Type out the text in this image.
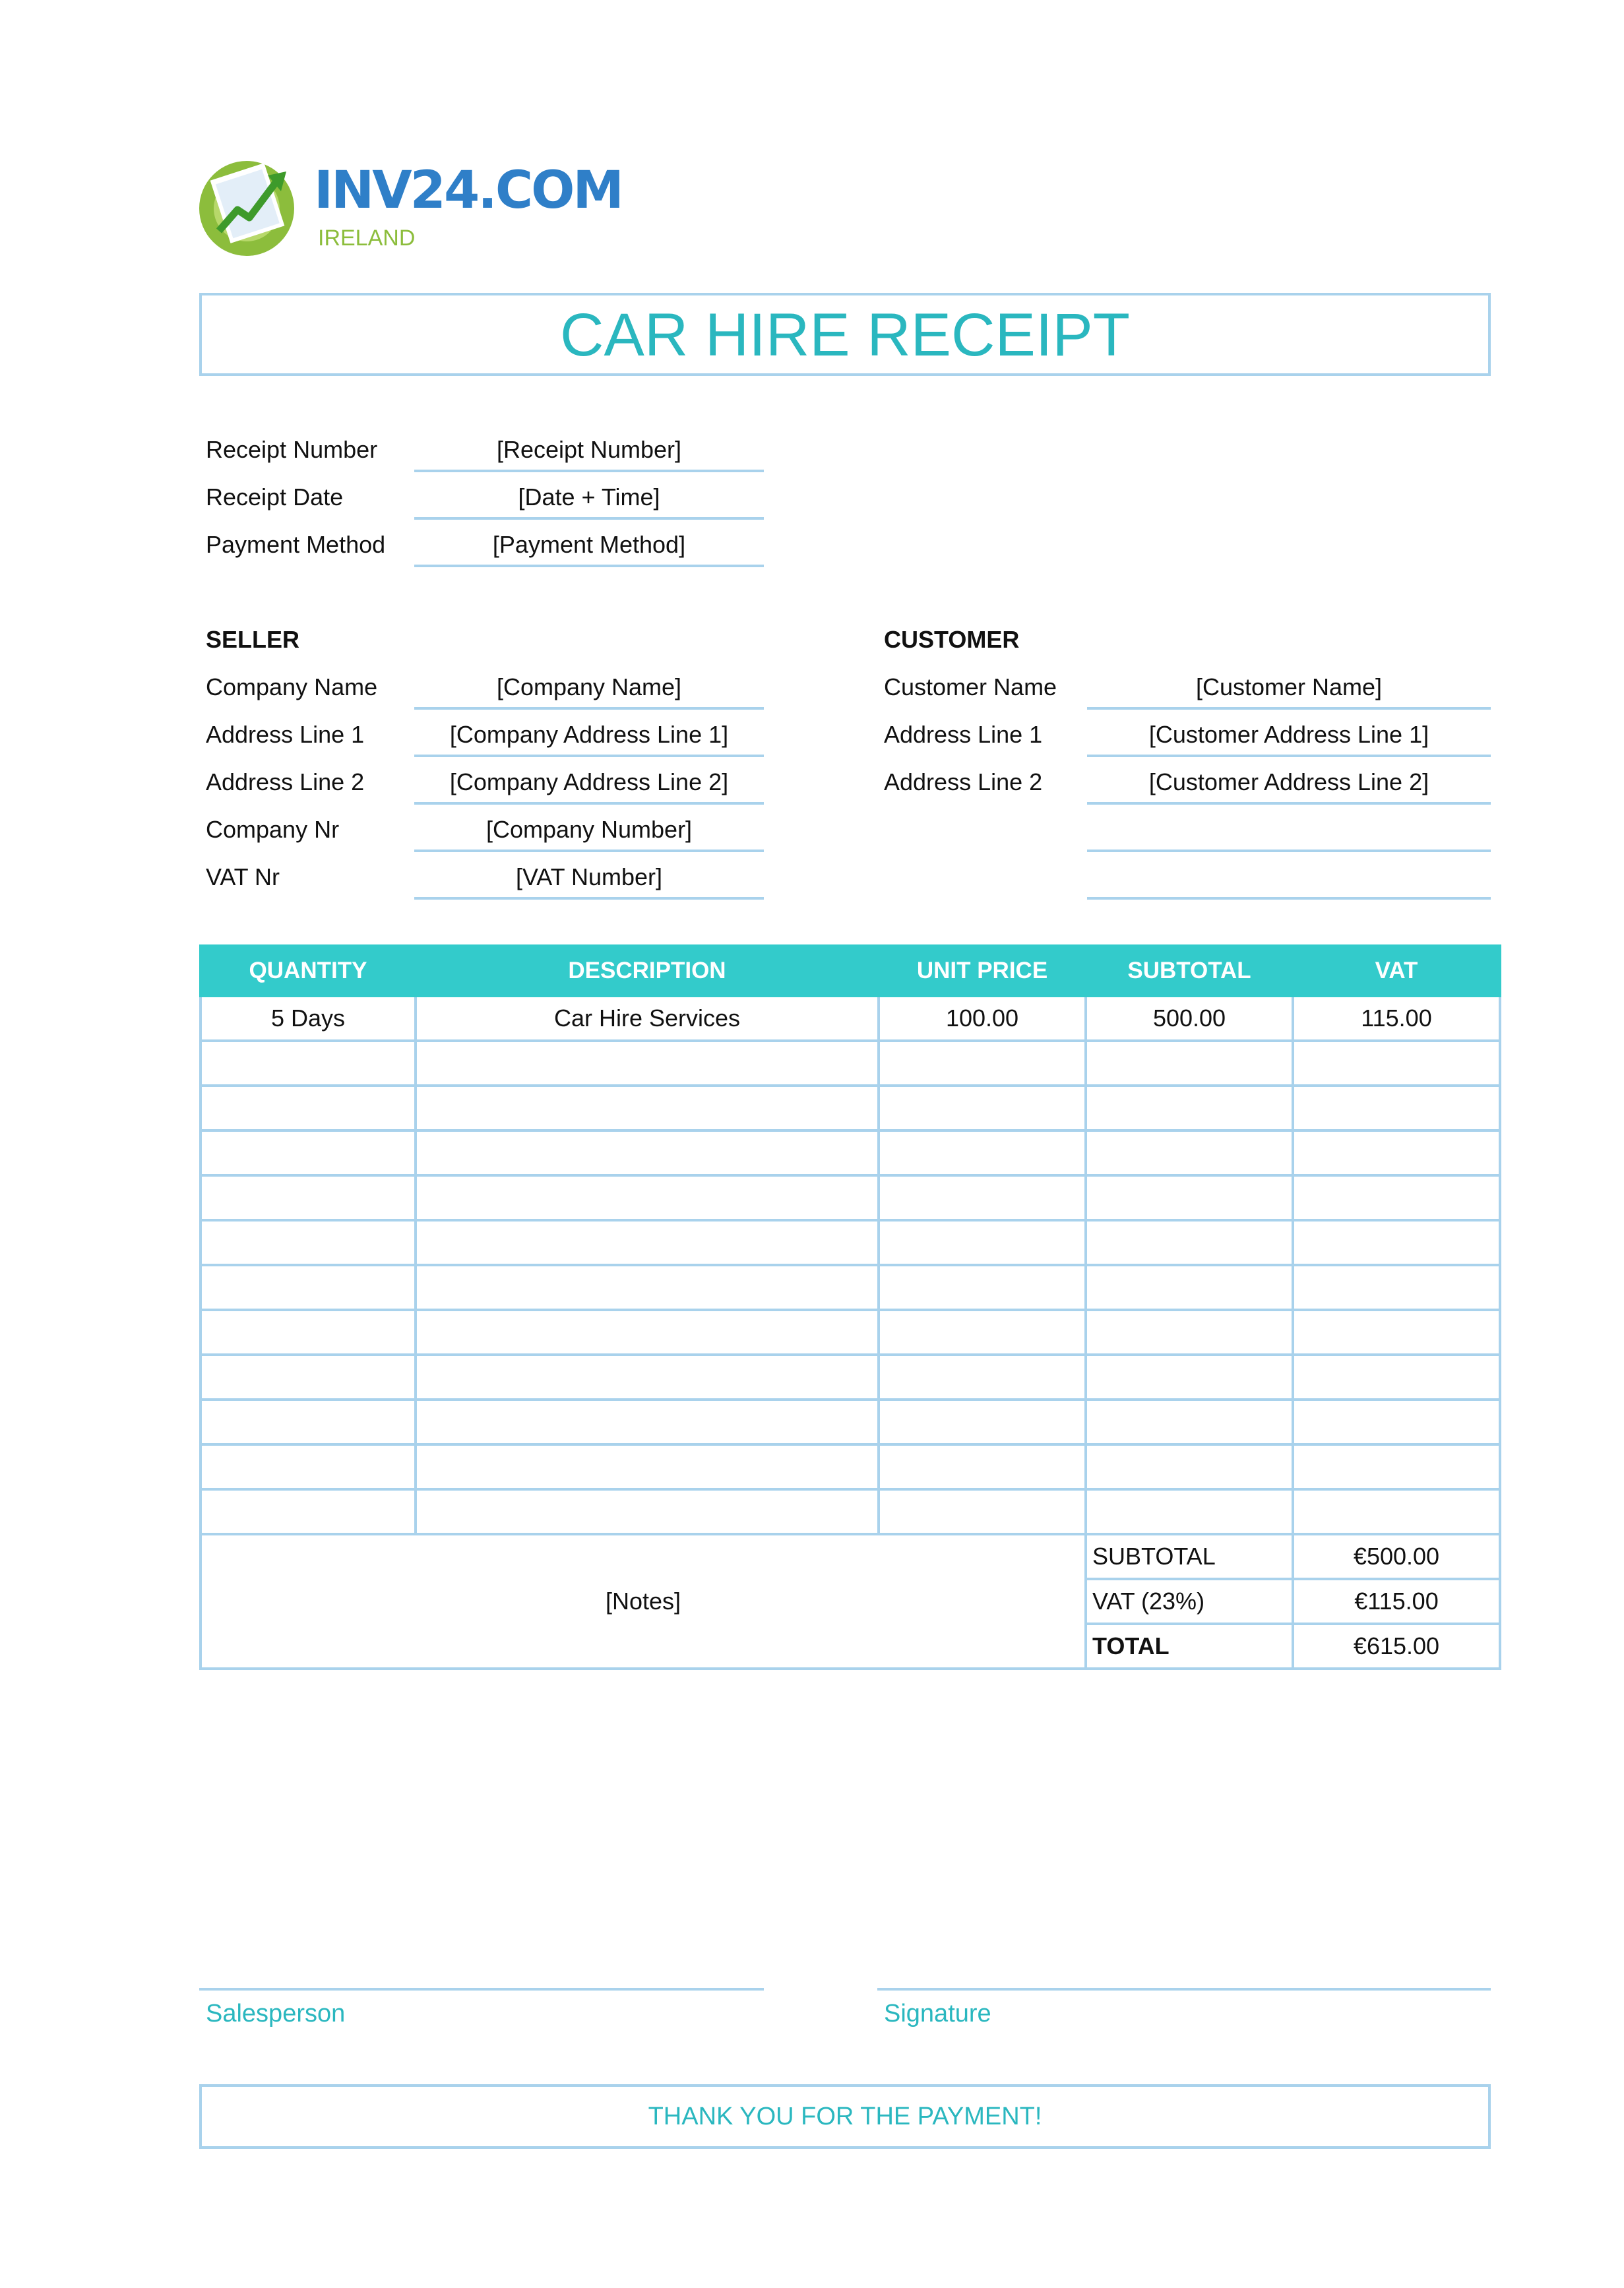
INV24.COM
IRELAND
CAR HIRE RECEIPT
Receipt Number	[Receipt Number]
Receipt Date	[Date + Time]
Payment Method	[Payment Method]
SELLER
Company Name	[Company Name]
Address Line 1	[Company Address Line 1]
Address Line 2	[Company Address Line 2]
Company Nr	[Company Number]
VAT Nr	[VAT Number]
CUSTOMER
Customer Name	[Customer Name]
Address Line 1	[Customer Address Line 1]
Address Line 2	[Customer Address Line 2]
QUANTITY	DESCRIPTION	UNIT PRICE	SUBTOTAL	VAT
5 Days	Car Hire Services	100.00	500.00	115.00

[Notes]			SUBTOTAL	€500.00
			VAT (23%)	€115.00
			TOTAL	€615.00
Salesperson	Signature
THANK YOU FOR THE PAYMENT!
